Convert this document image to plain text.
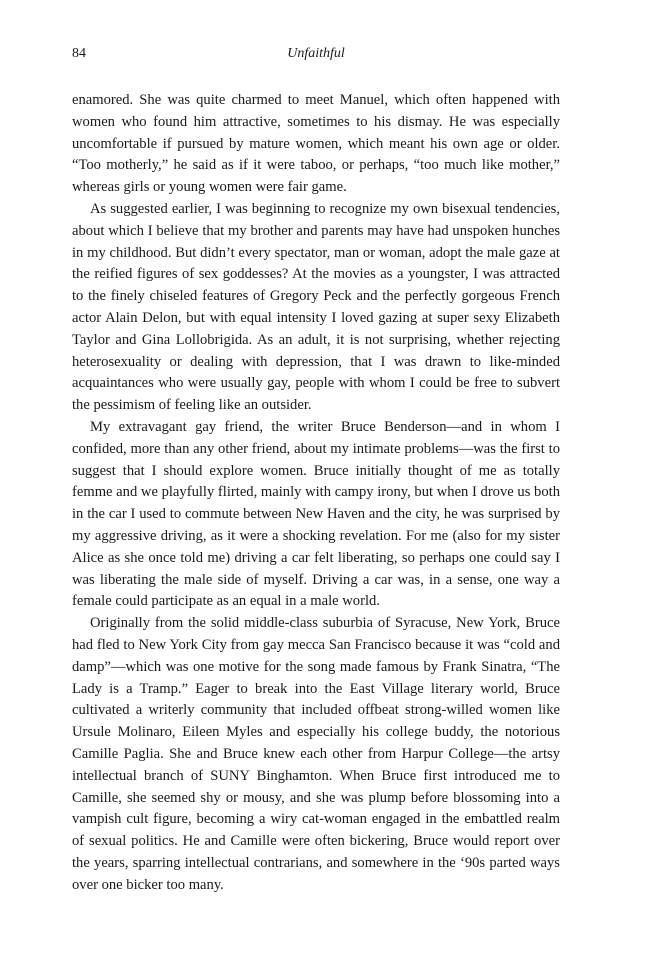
84	Unfaithful

enamored. She was quite charmed to meet Manuel, which often happened with women who found him attractive, sometimes to his dismay. He was especially uncomfortable if pursued by mature women, which meant his own age or older. “Too motherly,” he said as if it were taboo, or perhaps, “too much like mother,” whereas girls or young women were fair game.

As suggested earlier, I was beginning to recognize my own bisexual tendencies, about which I believe that my brother and parents may have had unspoken hunches in my childhood. But didn’t every spectator, man or woman, adopt the male gaze at the reified figures of sex goddesses? At the movies as a youngster, I was attracted to the finely chiseled features of Gregory Peck and the perfectly gorgeous French actor Alain Delon, but with equal intensity I loved gazing at super sexy Elizabeth Taylor and Gina Lollobrigida. As an adult, it is not surprising, whether rejecting heterosexuality or dealing with depression, that I was drawn to like-minded acquaintances who were usually gay, people with whom I could be free to subvert the pessimism of feeling like an outsider.

My extravagant gay friend, the writer Bruce Benderson—and in whom I confided, more than any other friend, about my intimate problems—was the first to suggest that I should explore women. Bruce initially thought of me as totally femme and we playfully flirted, mainly with campy irony, but when I drove us both in the car I used to commute between New Haven and the city, he was surprised by my aggressive driving, as it were a shocking revelation. For me (also for my sister Alice as she once told me) driving a car felt liberating, so perhaps one could say I was liberating the male side of myself. Driving a car was, in a sense, one way a female could participate as an equal in a male world.

Originally from the solid middle-class suburbia of Syracuse, New York, Bruce had fled to New York City from gay mecca San Francisco because it was “cold and damp”—which was one motive for the song made famous by Frank Sinatra, “The Lady is a Tramp.” Eager to break into the East Village literary world, Bruce cultivated a writerly community that included offbeat strong-willed women like Ursule Molinaro, Eileen Myles and especially his college buddy, the notorious Camille Paglia. She and Bruce knew each other from Harpur College—the artsy intellectual branch of SUNY Binghamton. When Bruce first introduced me to Camille, she seemed shy or mousy, and she was plump before blossoming into a vampish cult figure, becoming a wiry cat-woman engaged in the embattled realm of sexual politics. He and Camille were often bickering, Bruce would report over the years, sparring intellectual contrarians, and somewhere in the ‘90s parted ways over one bicker too many.
